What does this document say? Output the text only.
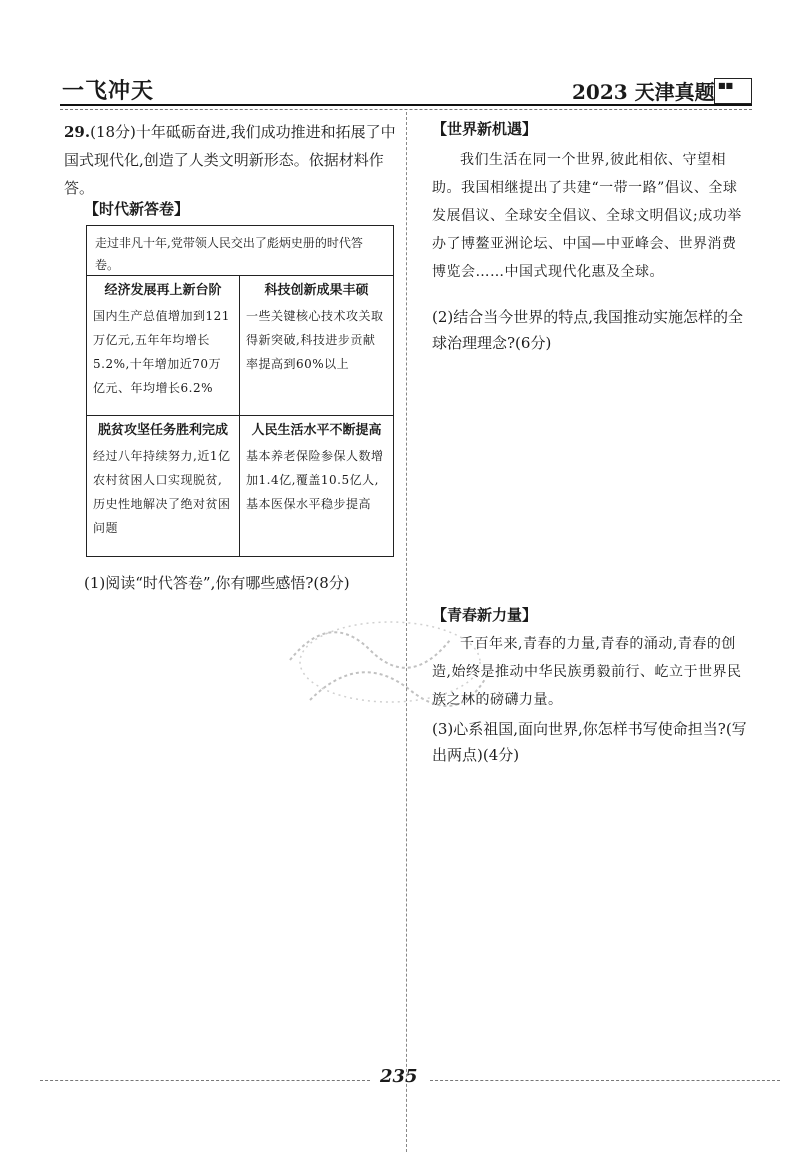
一飞冲天	2023 天津真题 ■■
29.(18分)十年砥砺奋进,我们成功推进和拓展了中国式现代化,创造了人类文明新形态。依据材料作答。
【时代新答卷】
走过非凡十年,党带领人民交出了彪炳史册的时代答卷。
经济发展再上新台阶

国内生产总值增加到121万亿元,五年年均增长5.2%,十年增加近70万亿元、年均增长6.2%

科技创新成果丰硕

一些关键核心技术攻关取得新突破,科技进步贡献率提高到60%以上

脱贫攻坚任务胜利完成

经过八年持续努力,近1亿农村贫困人口实现脱贫,历史性地解决了绝对贫困问题

人民生活水平不断提高

基本养老保险参保人数增加1.4亿,覆盖10.5亿人,基本医保水平稳步提高

(1)阅读“时代答卷”,你有哪些感悟?(8分)
【世界新机遇】
我们生活在同一个世界,彼此相依、守望相助。我国相继提出了共建“一带一路”倡议、全球发展倡议、全球安全倡议、全球文明倡议;成功举办了博鳌亚洲论坛、中国—中亚峰会、世界消费博览会……中国式现代化惠及全球。
(2)结合当今世界的特点,我国推动实施怎样的全球治理理念?(6分)
【青春新力量】
千百年来,青春的力量,青春的涌动,青春的创造,始终是推动中华民族勇毅前行、屹立于世界民族之林的磅礴力量。
(3)心系祖国,面向世界,你怎样书写使命担当?(写出两点)(4分)
235
